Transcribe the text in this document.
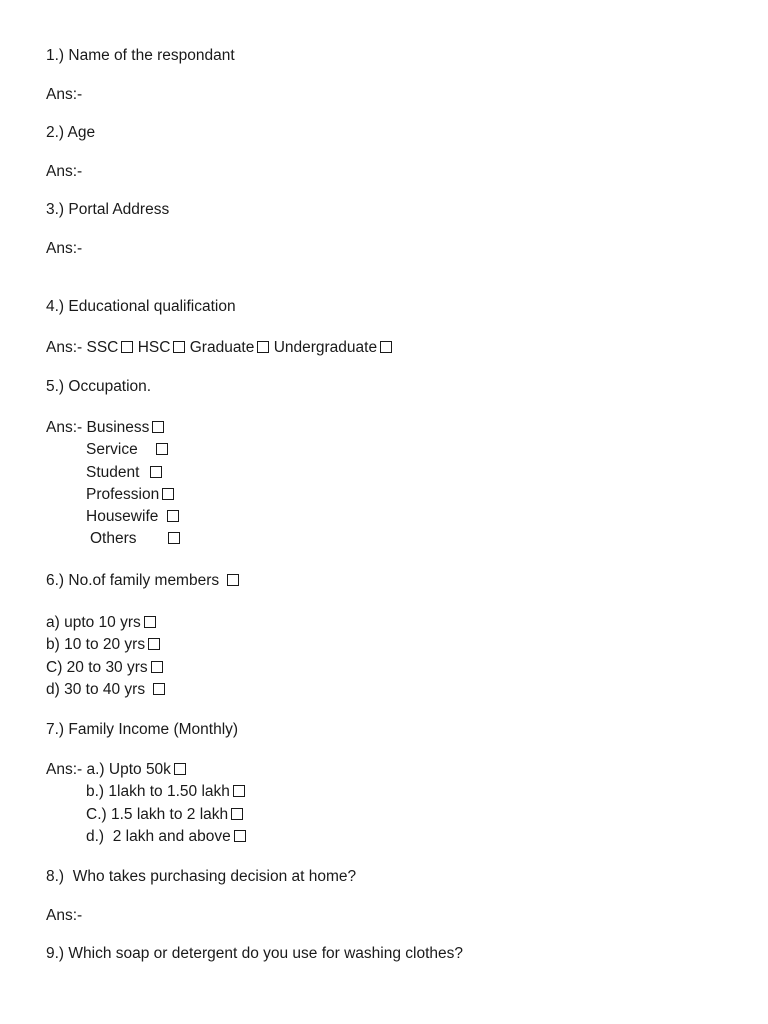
1.) Name of the respondant
Ans:-
2.) Age
Ans:-
3.) Portal Address
Ans:-
4.) Educational qualification
Ans:- SSC HSC Graduate Undergraduate
5.) Occupation.
Ans:- Business
Service
Student
Profession
Housewife
Others
6.) No.of family members
a) upto 10 yrs
b) 10 to 20 yrs
C) 20 to 30 yrs
d) 30 to 40 yrs
7.) Family Income (Monthly)
Ans:- a.) Upto 50k
b.) 1lakh to 1.50 lakh
C.) 1.5 lakh to 2 lakh
d.)  2 lakh and above
8.)  Who takes purchasing decision at home?
Ans:-
9.) Which soap or detergent do you use for washing clothes?
